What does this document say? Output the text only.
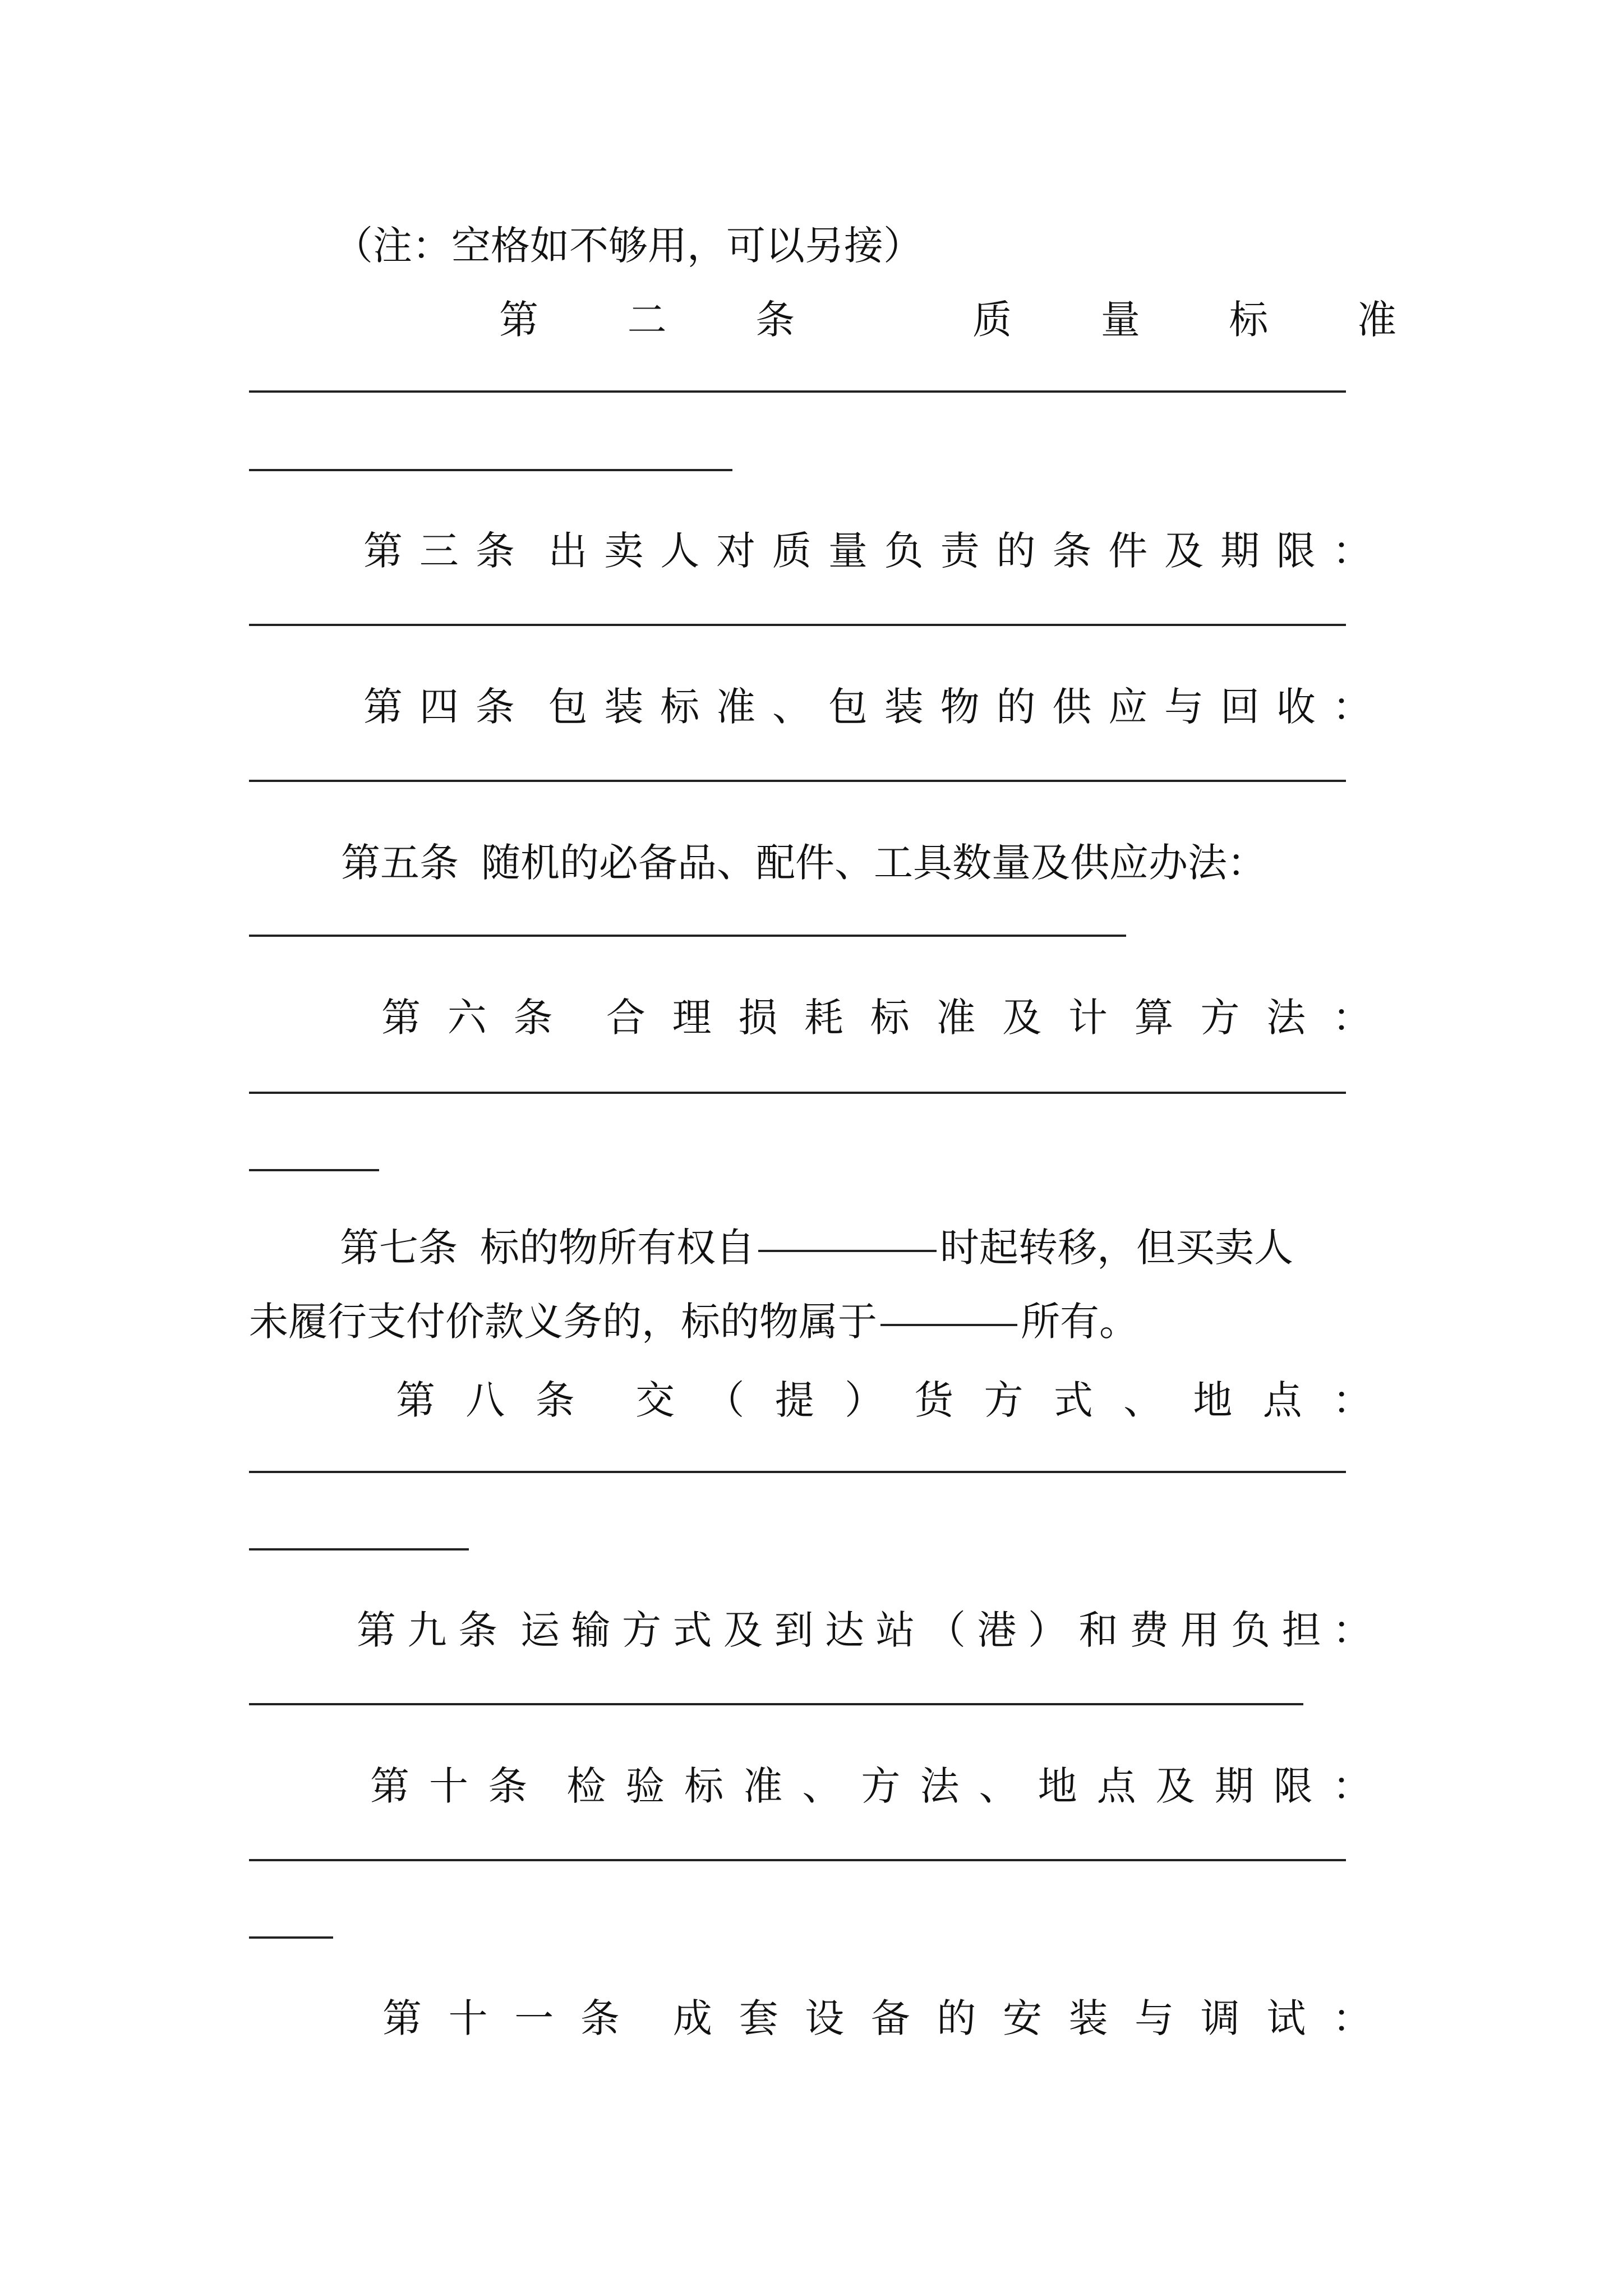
（注：空格如不够用，可以另接）
第 二 条	质 量 标 准
第 三 条 出 卖 人 对 质 量 负 责 的 条 件 及 期 限 ：
第 四 条 包 装 标 准 、 包 装 物 的 供 应 与 回 收 ：
第五条 随机的必备品、配件、工具数量及供应办法：
第 六 条 合 理 损 耗 标 准 及 计 算 方 法 ：
第七条 标的物所有权自	时起转移，但买卖人
未履行支付价款义务的，标的物属于	所有。
第 八 条 交 （ 提 ） 货 方 式 、 地 点 ：
第 九 条 运 输 方 式 及 到 达 站 （ 港 ） 和 费 用 负 担 ：
第 十 条 检 验 标 准 、 方 法 、 地 点 及 期 限 ：
第 十 一 条 成 套 设 备 的 安 装 与 调 试 ：
